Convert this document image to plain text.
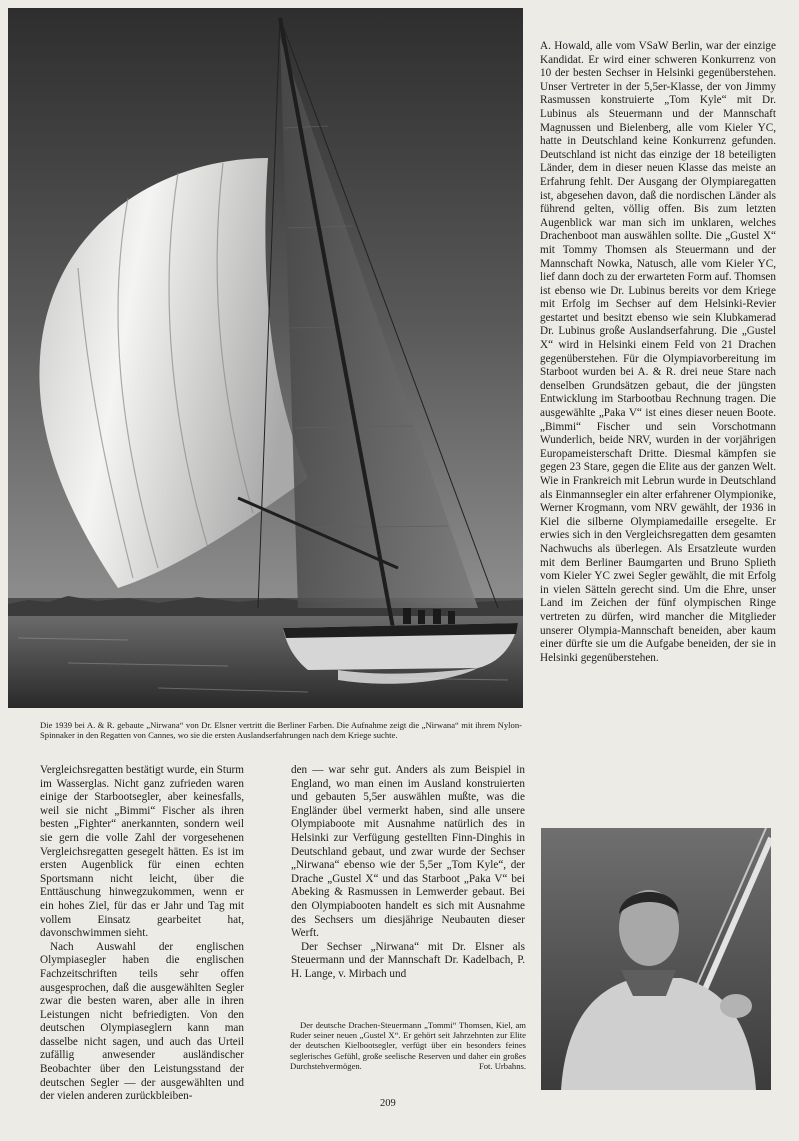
Die 1939 bei A. & R. gebaute „Nirwana“ von Dr. Elsner vertritt die Berliner Farben. Die Aufnahme zeigt die „Nirwana“ mit ihrem Nylon-Spinnaker in den Regatten von Cannes, wo sie die ersten Auslandserfahrungen nach dem Kriege suchte.

A. Howald, alle vom VSaW Berlin, war der einzige Kandidat. Er wird einer schweren Konkurrenz von 10 der besten Sechser in Helsinki gegenüberstehen. Unser Vertreter in der 5,5er-Klasse, der von Jimmy Rasmussen konstruierte „Tom Kyle“ mit Dr. Lubinus als Steuermann und der Mannschaft Magnussen und Bielenberg, alle vom Kieler YC, hatte in Deutschland keine Konkurrenz gefunden. Deutschland ist nicht das einzige der 18 beteiligten Länder, dem in dieser neuen Klasse das meiste an Erfahrung fehlt. Der Ausgang der Olympiaregatten ist, abgesehen davon, daß die nordischen Länder als führend gelten, völlig offen. Bis zum letzten Augenblick war man sich im unklaren, welches Drachenboot man auswählen sollte. Die „Gustel X“ mit Tommy Thomsen als Steuermann und der Mannschaft Nowka, Natusch, alle vom Kieler YC, lief dann doch zu der erwarteten Form auf. Thomsen ist ebenso wie Dr. Lubinus bereits vor dem Kriege mit Erfolg im Sechser auf dem Helsinki-Revier gestartet und besitzt ebenso wie sein Klubkamerad Dr. Lubinus große Auslandserfahrung. Die „Gustel X“ wird in Helsinki einem Feld von 21 Drachen gegenüberstehen. Für die Olympiavorbereitung im Starboot wurden bei A. & R. drei neue Stare nach denselben Grundsätzen gebaut, die der jüngsten Entwicklung im Starbootbau Rechnung tragen. Die ausgewählte „Paka V“ ist eines dieser neuen Boote. „Bimmi“ Fischer und sein Vorschotmann Wunderlich, beide NRV, wurden in der vorjährigen Europameisterschaft Dritte. Diesmal kämpfen sie gegen 23 Stare, gegen die Elite aus der ganzen Welt. Wie in Frankreich mit Lebrun wurde in Deutschland als Einmannsegler ein alter erfahrener Olympionike, Werner Krogmann, vom NRV gewählt, der 1936 in Kiel die silberne Olympiamedaille ersegelte. Er erwies sich in den Vergleichsregatten dem gesamten Nachwuchs als überlegen. Als Ersatzleute wurden mit dem Berliner Baumgarten und Bruno Splieth vom Kieler YC zwei Segler gewählt, die mit Erfolg in vielen Sätteln gerecht sind. Um die Ehre, unser Land im Zeichen der fünf olympischen Ringe vertreten zu dürfen, wird mancher die Mitglieder unserer Olympia-Mannschaft beneiden, aber kaum einer dürfte sie um die Aufgabe beneiden, der sie in Helsinki gegenüberstehen.

Vergleichsregatten bestätigt wurde, ein Sturm im Wasserglas. Nicht ganz zufrieden waren einige der Starbootsegler, aber keinesfalls, weil sie nicht „Bimmi“ Fischer als ihren besten „Fighter“ anerkannten, sondern weil sie gern die volle Zahl der vorgesehenen Vergleichsregatten gesegelt hätten. Es ist im ersten Augenblick für einen echten Sportsmann nicht leicht, über die Enttäuschung hinwegzukommen, wenn er ein hohes Ziel, für das er Jahr und Tag mit vollem Einsatz gearbeitet hat, davonschwimmen sieht.

Nach Auswahl der englischen Olympiasegler haben die englischen Fachzeitschriften teils sehr offen ausgesprochen, daß die ausgewählten Segler zwar die besten waren, aber alle in ihren Leistungen nicht befriedigten. Von den deutschen Olympiaseglern kann man dasselbe nicht sagen, und auch das Urteil zufällig anwesender ausländischer Beobachter über den Leistungsstand der deutschen Segler — der ausgewählten und der vielen anderen zurückbleiben-

den — war sehr gut. Anders als zum Beispiel in England, wo man einen im Ausland konstruierten und gebauten 5,5er auswählen mußte, was die Engländer übel vermerkt haben, sind alle unsere Olympiaboote mit Ausnahme natürlich des in Helsinki zur Verfügung gestellten Finn-Dinghis in Deutschland gebaut, und zwar wurde der Sechser „Nirwana“ ebenso wie der 5,5er „Tom Kyle“, der Drache „Gustel X“ und das Starboot „Paka V“ bei Abeking & Rasmussen in Lemwerder gebaut. Bei den Olympiabooten handelt es sich mit Ausnahme des Sechsers um diesjährige Neubauten dieser Werft.

Der Sechser „Nirwana“ mit Dr. Elsner als Steuermann und der Mannschaft Dr. Kadelbach, P. H. Lange, v. Mirbach und

Der deutsche Drachen-Steuermann „Tommi“ Thomsen, Kiel, am Ruder seiner neuen „Gustel X“. Er gehört seit Jahrzehnten zur Elite der deutschen Kielbootsegler, verfügt über ein besonders feines seglerisches Gefühl, große seelische Reserven und daher ein großes Durchstehvermögen.	Fot. Urbahns.

209
